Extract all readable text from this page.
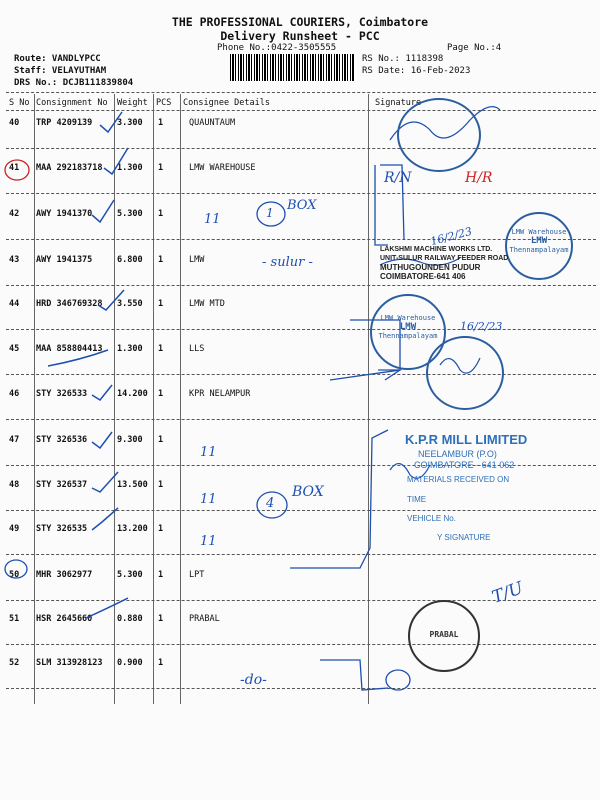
THE PROFESSIONAL COURIERS, Coimbatore
Delivery Runsheet - PCC
Phone No.:0422-3505555	Page No.:4
Route: VANDLYPCC
Staff: VELAYUTHAM
DRS No.: DCJB111839804
RS No.: 1118398
RS Date: 16-Feb-2023
S No Consignment No Weight PCS Consignee Details	Signature
40 TRP 4209139	3.300 1	QUAUNTAUM
41 MAA 292183718 1.300 1	LMW WAREHOUSE
42 AWY 1941370	5.300 1
43 AWY 1941375	6.800 1	LMW
44 HRD 346769328 3.550 1	LMW MTD
45 MAA 858804413 1.300 1	LLS
46 STY 326533	14.200 1	KPR NELAMPUR
47 STY 326536	9.300 1
48 STY 326537	13.500 1
49 STY 326535	13.200 1
50 MHR 3062977	5.300 1	LPT
51 HSR 2645660	0.880 1	PRABAL
52 SLM 313928123 0.900 1
R/N	H/R
11	1 BOX
- sulur -
11
11
11
4
BOX
-do-
T/U
16/2/23
16/2/23
LMW Warehouse
LMW
Thennampalayam
LAKSHMI MACHINE WORKS LTD.
UNIT-SULUR RAILWAY FEEDER ROAD
MUTHUGOUNDEN PUDUR
COIMBATORE-641 406
LMW Warehouse
LMW
Thennampalayam
K.P.R MILL LIMITED
NEELAMBUR (P.O)
COIMBATORE - 641 062
MATERIALS RECEIVED ON
TIME
VEHICLE No.
Y SIGNATURE
PRABAL
